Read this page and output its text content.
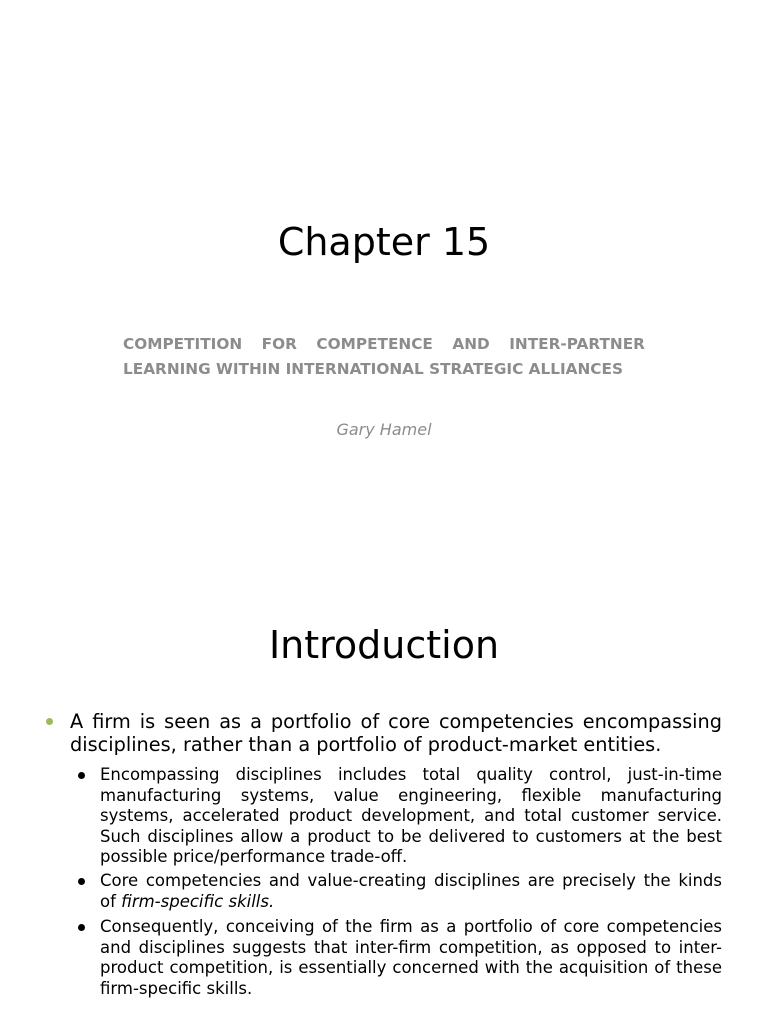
Chapter 15
COMPETITION FOR COMPETENCE AND INTER-PARTNER
LEARNING WITHIN INTERNATIONAL STRATEGIC ALLIANCES

Gary Hamel

Introduction
A firm is seen as a portfolio of core competencies encompassing disciplines, rather than a portfolio of product-market entities.
Encompassing disciplines includes total quality control, just-in-time manufacturing systems, value engineering, flexible manufacturing systems, accelerated product development, and total customer service. Such disciplines allow a product to be delivered to customers at the best possible price/performance trade-off.
Core competencies and value-creating disciplines are precisely the kinds of firm-specific skills.
Consequently, conceiving of the firm as a portfolio of core competencies and disciplines suggests that inter-firm competition, as opposed to inter-product competition, is essentially concerned with the acquisition of these firm-specific skills.
